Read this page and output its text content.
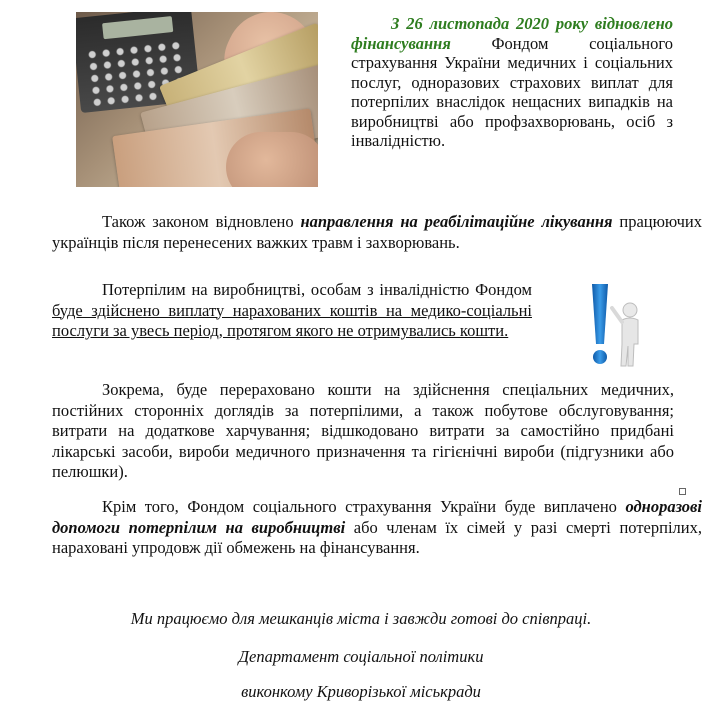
З 26 листопада 2020 року відновлено фінансування Фондом соціального страхування України медичних і соціальних послуг, одноразових страхових виплат для потерпілих внаслідок нещасних випадків на виробництві або профзахворювань, осіб з інвалідністю.
Також законом відновлено направлення на реабілітаційне лікування працюючих українців після перенесених важких травм і захворювань.
Потерпілим на виробництві, особам з інвалідністю Фондом буде здійснено виплату нарахованих коштів на медико-соціальні послуги за увесь період, протягом якого не отримувались кошти.
Зокрема, буде перераховано кошти на здійснення спеціальних медичних, постійних сторонніх доглядів за потерпілими, а також побутове обслуговування; витрати на додаткове харчування; відшкодовано витрати за самостійно придбані лікарські засоби, вироби медичного призначення та гігієнічні вироби (підгузники або пелюшки).
Крім того, Фондом соціального страхування України буде виплачено одноразові допомоги потерпілим на виробництві або членам їх сімей у разі смерті потерпілих, нараховані упродовж дії обмежень на фінансування.
Ми працюємо для мешканців міста і завжди готові до співпраці.
Департамент соціальної політики
виконкому Криворізької міськради
